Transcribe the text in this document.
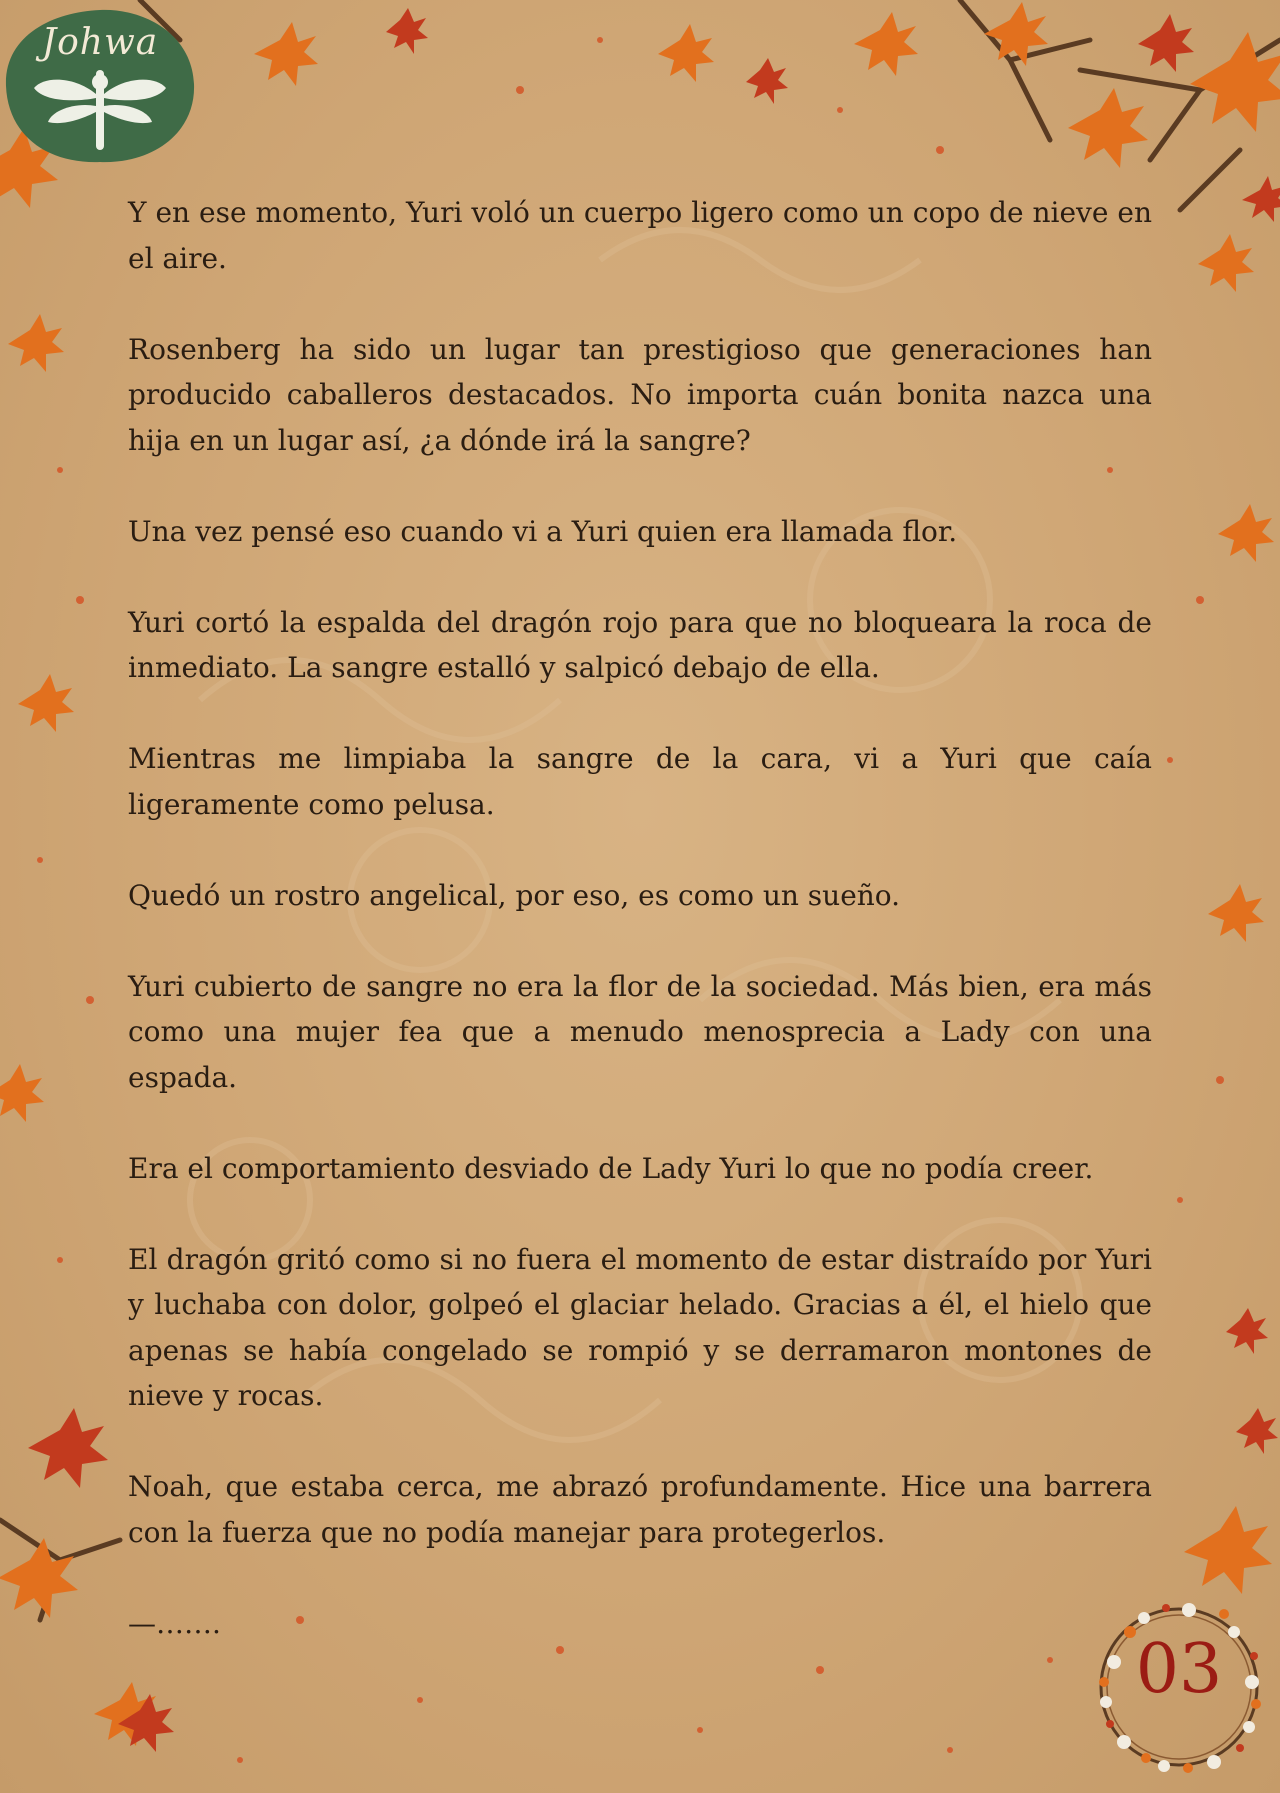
Johwa

Y en ese momento, Yuri voló un cuerpo ligero como un copo de nieve en el aire.

Rosenberg ha sido un lugar tan prestigioso que generaciones han producido caballeros destacados. No importa cuán bonita nazca una hija en un lugar así, ¿a dónde irá la sangre?

Una vez pensé eso cuando vi a Yuri quien era llamada flor.

Yuri cortó la espalda del dragón rojo para que no bloqueara la roca de inmediato. La sangre estalló y salpicó debajo de ella.

Mientras me limpiaba la sangre de la cara, vi a Yuri que caía ligeramente como pelusa.

Quedó un rostro angelical, por eso, es como un sueño.

Yuri cubierto de sangre no era la flor de la sociedad. Más bien, era más como una mujer fea que a menudo menosprecia a Lady con una espada.

Era el comportamiento desviado de Lady Yuri lo que no podía creer.

El dragón gritó como si no fuera el momento de estar distraído por Yuri y luchaba con dolor, golpeó el glaciar helado. Gracias a él, el hielo que apenas se había congelado se rompió y se derramaron montones de nieve y rocas.

Noah, que estaba cerca, me abrazó profundamente. Hice una barrera con la fuerza que no podía manejar para protegerlos.

—…….

03
